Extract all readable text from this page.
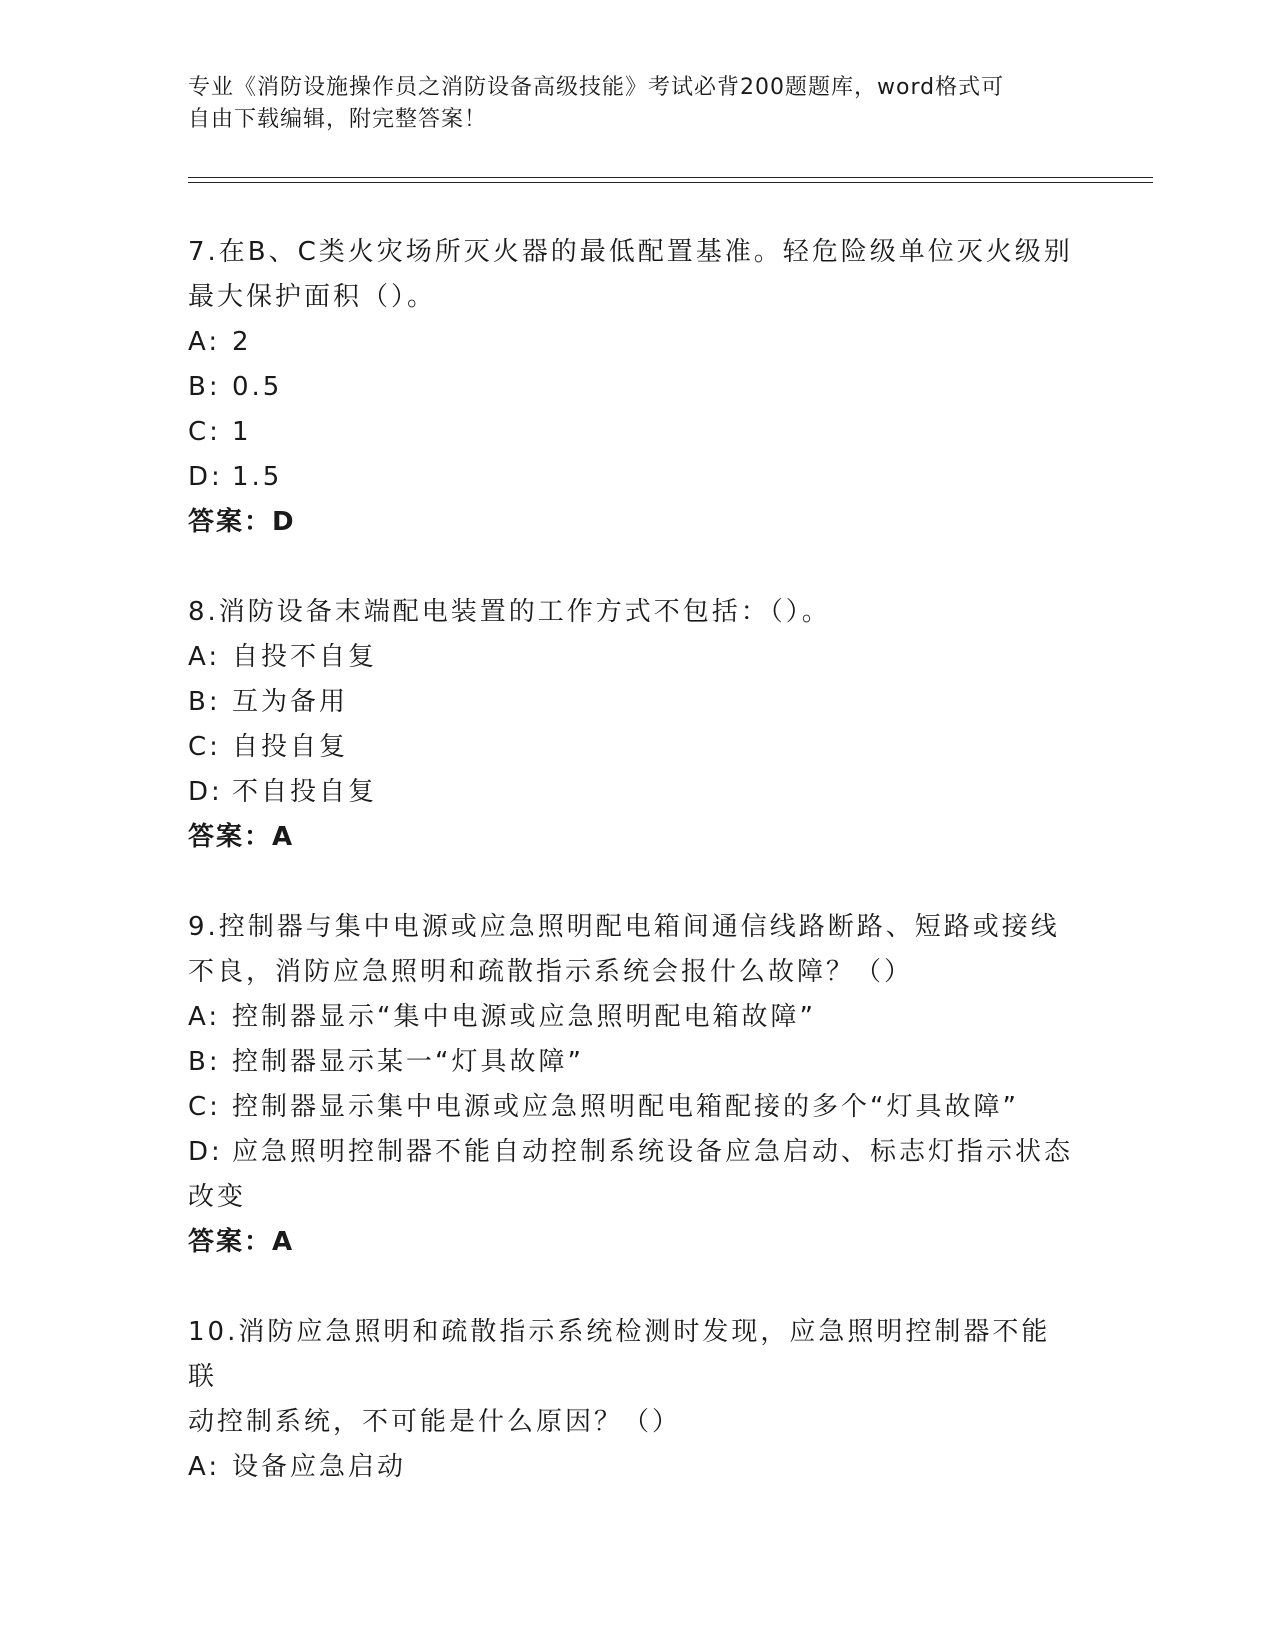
专业《消防设施操作员之消防设备高级技能》考试必背200题题库，word格式可
自由下载编辑，附完整答案！
7.在B、C类火灾场所灭火器的最低配置基准。轻危险级单位灭火级别
最大保护面积（）。
A: 2
B: 0.5
C: 1
D: 1.5
答案：D
8.消防设备末端配电装置的工作方式不包括：（）。
A: 自投不自复
B: 互为备用
C: 自投自复
D: 不自投自复
答案：A
9.控制器与集中电源或应急照明配电箱间通信线路断路、短路或接线
不良，消防应急照明和疏散指示系统会报什么故障？（）
A: 控制器显示“集中电源或应急照明配电箱故障”
B: 控制器显示某一“灯具故障”
C: 控制器显示集中电源或应急照明配电箱配接的多个“灯具故障”
D: 应急照明控制器不能自动控制系统设备应急启动、标志灯指示状态
改变
答案：A
10.消防应急照明和疏散指示系统检测时发现，应急照明控制器不能联
动控制系统，不可能是什么原因？（）
A: 设备应急启动
